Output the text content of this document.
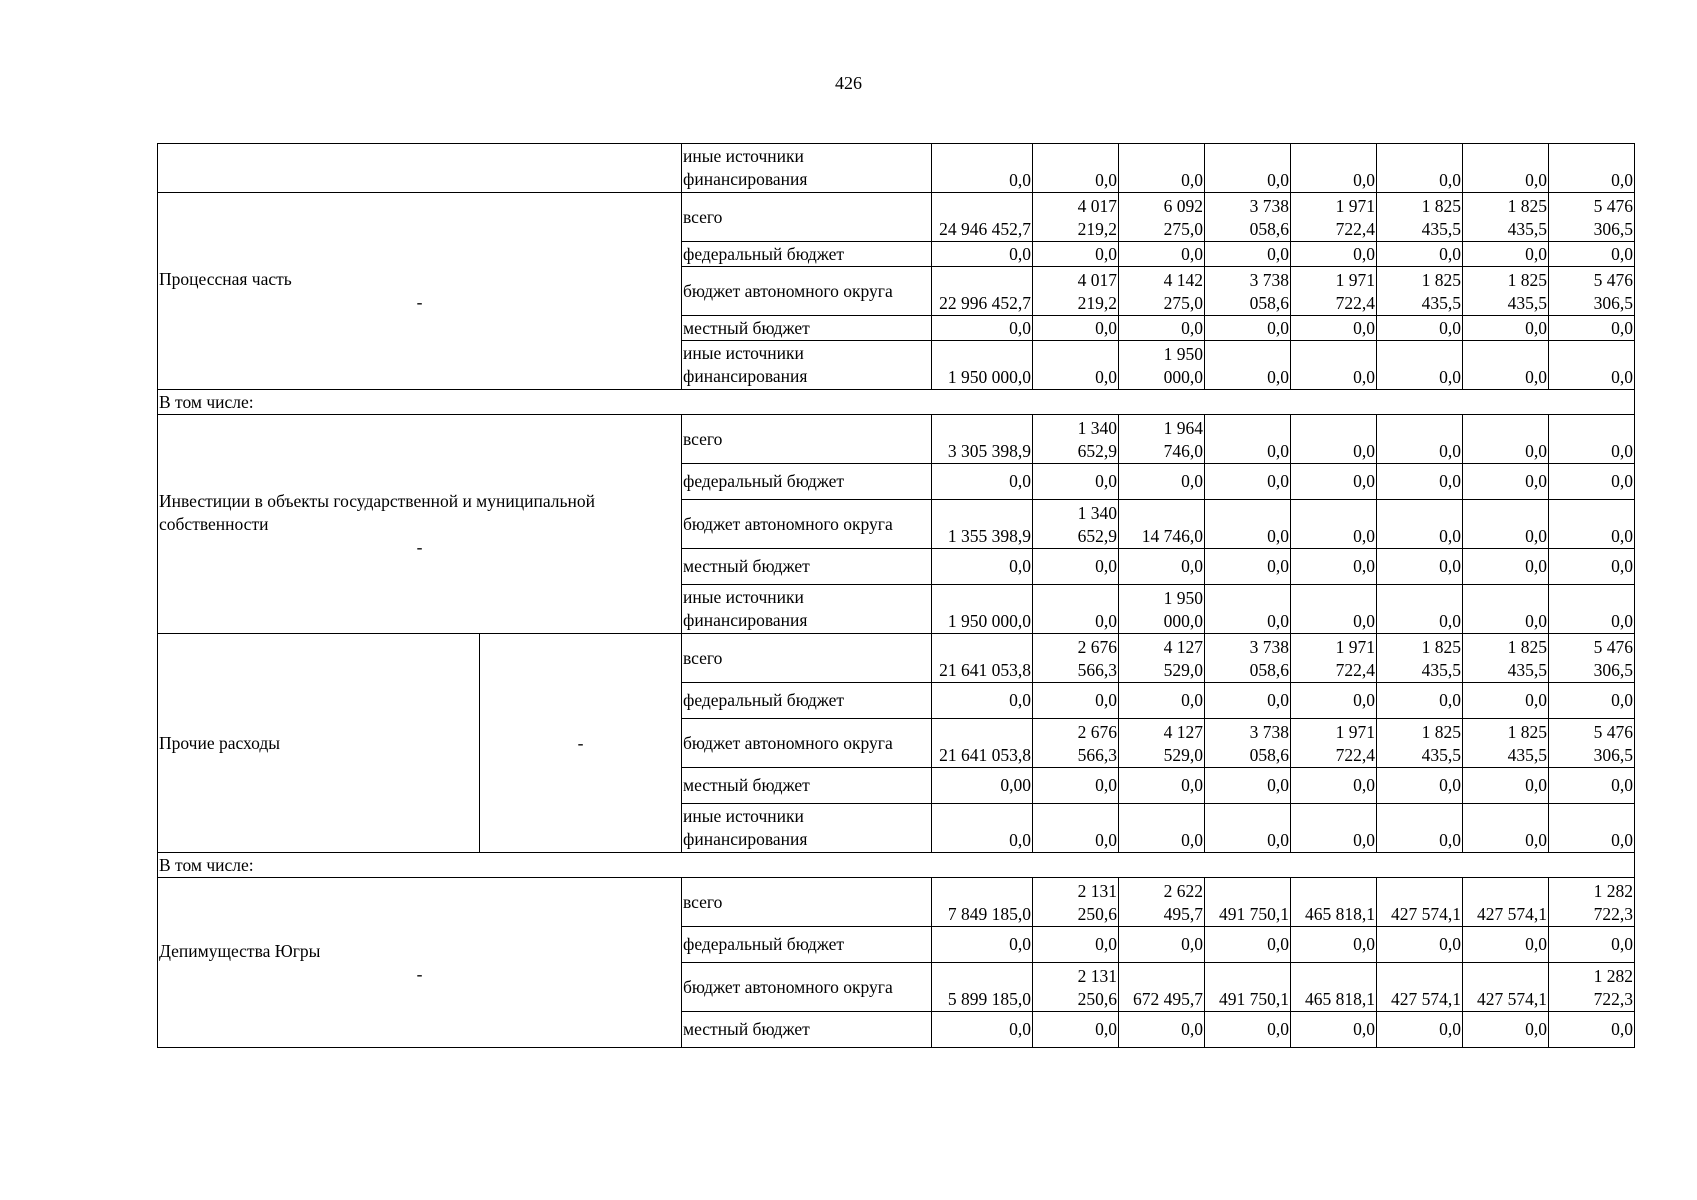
426
		иные источники финансирования	0,0	0,0	0,0	0,0	0,0	0,0	0,0	0,0

Процессная часть
-		всего	24 946 452,7	4 017 219,2	6 092 275,0	3 738 058,6	1 971 722,4	1 825 435,5	1 825 435,5	5 476 306,5
		федеральный бюджет	0,0	0,0	0,0	0,0	0,0	0,0	0,0	0,0
		бюджет автономного округа	22 996 452,7	4 017 219,2	4 142 275,0	3 738 058,6	1 971 722,4	1 825 435,5	1 825 435,5	5 476 306,5
		местный бюджет	0,0	0,0	0,0	0,0	0,0	0,0	0,0	0,0
		иные источники финансирования	1 950 000,0	0,0	1 950 000,0	0,0	0,0	0,0	0,0	0,0
В том числе:										

Инвестиции в объекты государственной и муниципальной собственности
-		всего	3 305 398,9	1 340 652,9	1 964 746,0	0,0	0,0	0,0	0,0	0,0
		федеральный бюджет	0,0	0,0	0,0	0,0	0,0	0,0	0,0	0,0
		бюджет автономного округа	1 355 398,9	1 340 652,9	14 746,0	0,0	0,0	0,0	0,0	0,0
		местный бюджет	0,0	0,0	0,0	0,0	0,0	0,0	0,0	0,0
		иные источники финансирования	1 950 000,0	0,0	1 950 000,0	0,0	0,0	0,0	0,0	0,0

Прочие расходы	-	всего	21 641 053,8	2 676 566,3	4 127 529,0	3 738 058,6	1 971 722,4	1 825 435,5	1 825 435,5	5 476 306,5
		федеральный бюджет	0,0	0,0	0,0	0,0	0,0	0,0	0,0	0,0
		бюджет автономного округа	21 641 053,8	2 676 566,3	4 127 529,0	3 738 058,6	1 971 722,4	1 825 435,5	1 825 435,5	5 476 306,5
		местный бюджет	0,00	0,0	0,0	0,0	0,0	0,0	0,0	0,0
		иные источники финансирования	0,0	0,0	0,0	0,0	0,0	0,0	0,0	0,0
В том числе:										

Депимущества Югры
-		всего	7 849 185,0	2 131 250,6	2 622 495,7	491 750,1	465 818,1	427 574,1	427 574,1	1 282 722,3
		федеральный бюджет	0,0	0,0	0,0	0,0	0,0	0,0	0,0	0,0
		бюджет автономного округа	5 899 185,0	2 131 250,6	672 495,7	491 750,1	465 818,1	427 574,1	427 574,1	1 282 722,3
		местный бюджет	0,0	0,0	0,0	0,0	0,0	0,0	0,0	0,0
